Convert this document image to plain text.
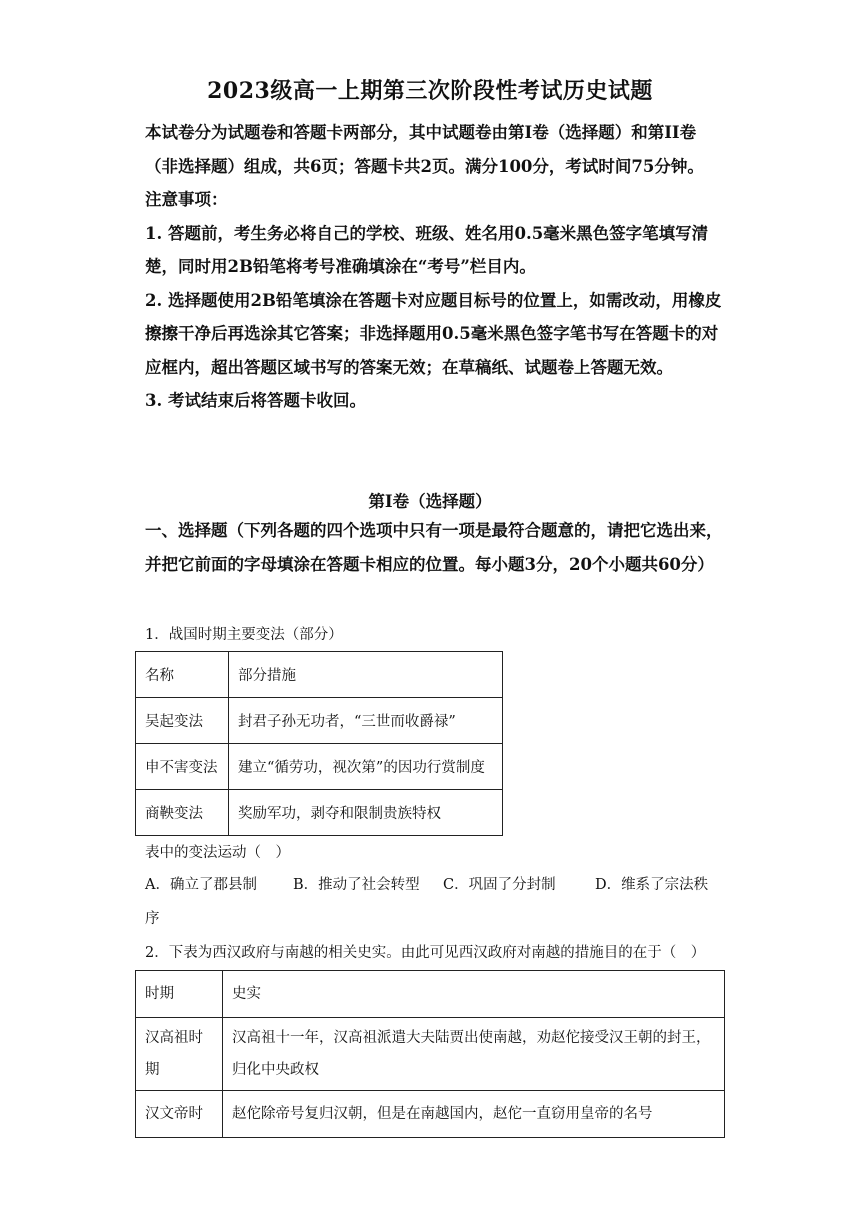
2023级高一上期第三次阶段性考试历史试题
本试卷分为试题卷和答题卡两部分，其中试题卷由第I卷（选择题）和第II卷（非选择题）组成，共6页；答题卡共2页。满分100分，考试时间75分钟。
注意事项：
1. 答题前，考生务必将自己的学校、班级、姓名用0.5毫米黑色签字笔填写清楚，同时用2B铅笔将考号准确填涂在“考号”栏目内。
2. 选择题使用2B铅笔填涂在答题卡对应题目标号的位置上，如需改动，用橡皮擦擦干净后再选涂其它答案；非选择题用0.5毫米黑色签字笔书写在答题卡的对应框内，超出答题区域书写的答案无效；在草稿纸、试题卷上答题无效。
3. 考试结束后将答题卡收回。
第I卷（选择题）
一、选择题（下列各题的四个选项中只有一项是最符合题意的，请把它选出来，并把它前面的字母填涂在答题卡相应的位置。每小题3分，20个小题共60分）
1．战国时期主要变法（部分）
名称	部分措施
吴起变法	封君子孙无功者，“三世而收爵禄”
申不害变法	建立“循劳功，视次第”的因功行赏制度
商鞅变法	奖励军功，剥夺和限制贵族特权
表中的变法运动（　）
A．确立了郡县制 B．推动了社会转型 C．巩固了分封制	D．维系了宗法秩
序
2．下表为西汉政府与南越的相关史实。由此可见西汉政府对南越的措施目的在于（　）
时期	史实
汉高祖时期	汉高祖十一年，汉高祖派遣大夫陆贾出使南越，劝赵佗接受汉王朝的封王，归化中央政权
汉文帝时	赵佗除帝号复归汉朝，但是在南越国内，赵佗一直窃用皇帝的名号
